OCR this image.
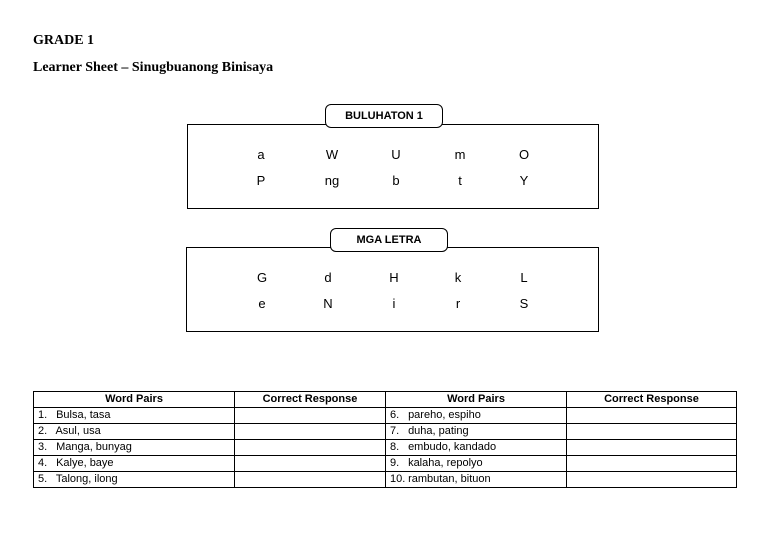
GRADE 1
Learner Sheet – Sinugbuanong Binisaya
a	W	U	m	O
P	ng	b	t	Y
BULUHATON 1
G	d	H	k	L
e	N	i	r	S
MGA LETRA
Word Pairs	Correct Response	Word Pairs	Correct Response
1. Bulsa, tasa		6. pareho, espiho	
2. Asul, usa		7. duha, pating	
3. Manga, bunyag		8. embudo, kandado	
4. Kalye, baye		9. kalaha, repolyo	
5. Talong, ilong		10. rambutan, bituon	
